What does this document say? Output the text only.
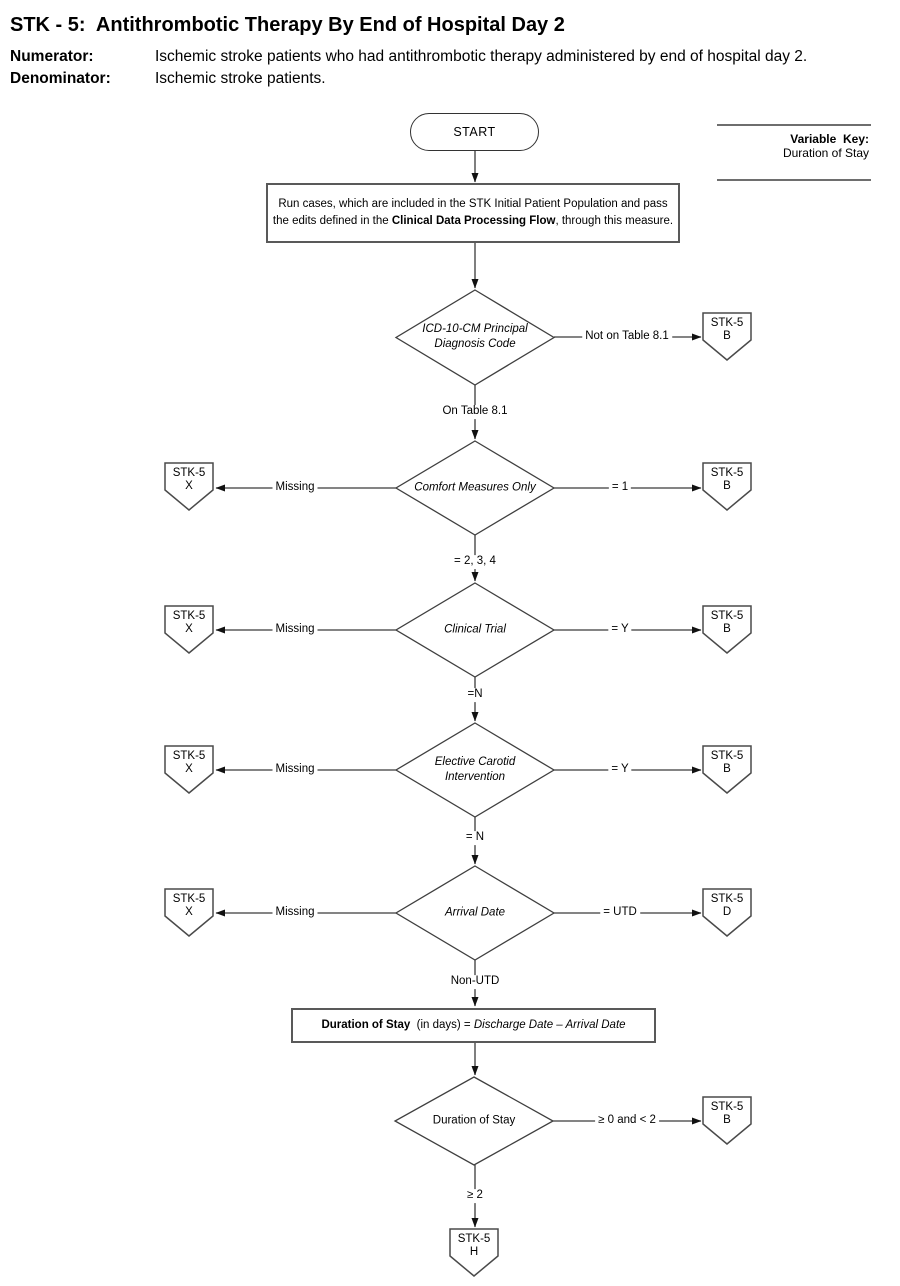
STK - 5:  Antithrombotic Therapy By End of Hospital Day 2
Numerator:	Ischemic stroke patients who had antithrombotic therapy administered by end of hospital day 2.
Denominator:	Ischemic stroke patients.
Variable  Key:
Duration of Stay
START
Run cases, which are included in the STK Initial Patient Population and pass the edits defined in the Clinical Data Processing Flow, through this measure.
Duration of Stay (in days) = Discharge Date – Arrival Date
ICD-10-CM Principal
Diagnosis Code
Comfort Measures Only
Clinical Trial
Elective Carotid
Intervention
Arrival Date
Duration of Stay
Not on Table 8.1
On Table 8.1
Missing	= 1
= 2, 3, 4
Missing	= Y
=N
Missing	= Y
= N
Missing	= UTD
Non-UTD
≥ 0 and < 2
≥ 2
STK-5
B
STK-5
X
STK-5
B
STK-5
X
STK-5
B
STK-5
X
STK-5
B
STK-5
X
STK-5
D
STK-5
B
STK-5
H
